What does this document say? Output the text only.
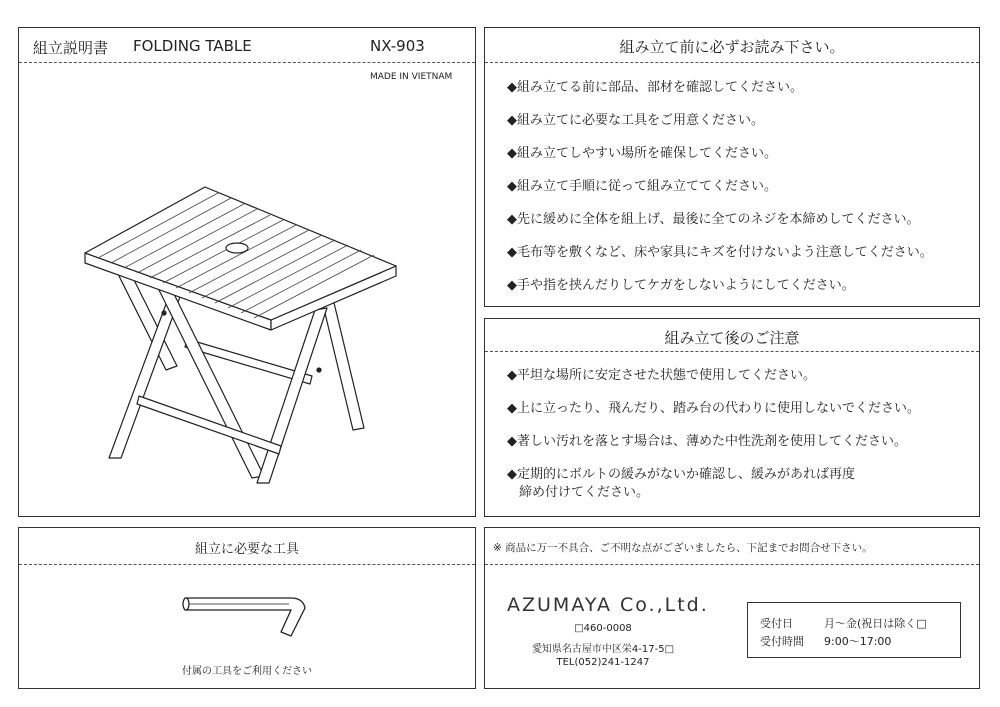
組立説明書 FOLDING TABLE	NX-903
MADE IN VIETNAM
組み立て前に必ずお読み下さい。
◆組み立てる前に部品、部材を確認してください。
◆組み立てに必要な工具をご用意ください。
◆組み立てしやすい場所を確保してください。
◆組み立て手順に従って組み立ててください。
◆先に緩めに全体を組上げ、最後に全てのネジを本締めしてください。
◆毛布等を敷くなど、床や家具にキズを付けないよう注意してください。
◆手や指を挟んだりしてケガをしないようにしてください。
組み立て後のご注意
◆平坦な場所に安定させた状態で使用してください。
◆上に立ったり、飛んだり、踏み台の代わりに使用しないでください。
◆著しい汚れを落とす場合は、薄めた中性洗剤を使用してください。
◆定期的にボルトの緩みがないか確認し、緩みがあれば再度
締め付けてください。
組立に必要な工具
付属の工具をご利用ください
※ 商品に万一不具合、ご不明な点がございましたら、下記までお問合せ下さい。
AZUMAYA Co.,Ltd.
□460-0008
愛知県名古屋市中区栄4-17-5□
TEL(052)241-1247
受付日	月～金(祝日は除く□
受付時間 9:00～17:00
